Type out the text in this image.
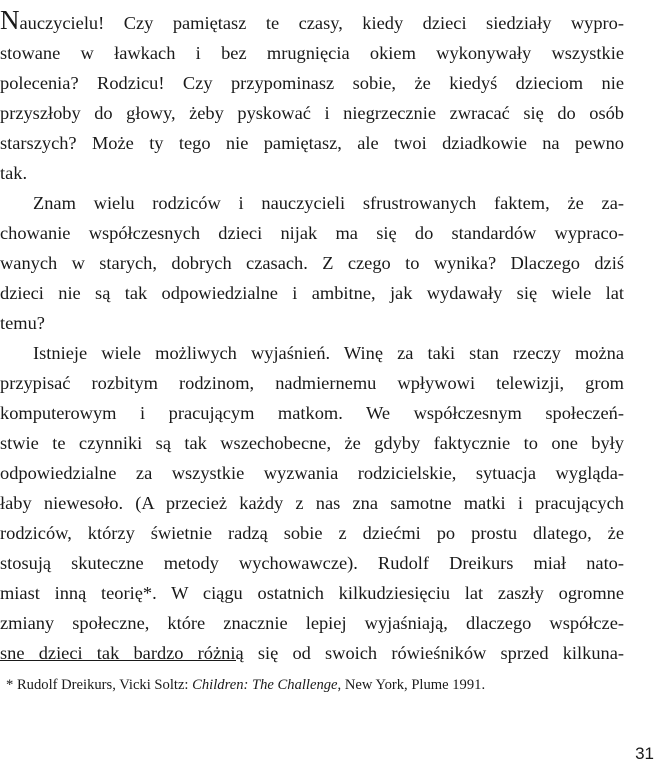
Nauczycielu! Czy pamiętasz te czasy, kiedy dzieci siedziały wypro-
stowane w ławkach i bez mrugnięcia okiem wykonywały wszystkie
polecenia? Rodzicu! Czy przypominasz sobie, że kiedyś dzieciom nie
przyszłoby do głowy, żeby pyskować i niegrzecznie zwracać się do osób
starszych? Może ty tego nie pamiętasz, ale twoi dziadkowie na pewno
tak.
Znam wielu rodziców i nauczycieli sfrustrowanych faktem, że za-
chowanie współczesnych dzieci nijak ma się do standardów wypraco-
wanych w starych, dobrych czasach. Z czego to wynika? Dlaczego dziś
dzieci nie są tak odpowiedzialne i ambitne, jak wydawały się wiele lat
temu?
Istnieje wiele możliwych wyjaśnień. Winę za taki stan rzeczy można
przypisać rozbitym rodzinom, nadmiernemu wpływowi telewizji, grom
komputerowym i pracującym matkom. We współczesnym społeczeń-
stwie te czynniki są tak wszechobecne, że gdyby faktycznie to one były
odpowiedzialne za wszystkie wyzwania rodzicielskie, sytuacja wygląda-
łaby niewesoło. (A przecież każdy z nas zna samotne matki i pracujących
rodziców, którzy świetnie radzą sobie z dziećmi po prostu dlatego, że
stosują skuteczne metody wychowawcze). Rudolf Dreikurs miał nato-
miast inną teorię*. W ciągu ostatnich kilkudziesięciu lat zaszły ogromne
zmiany społeczne, które znacznie lepiej wyjaśniają, dlaczego współcze-
sne dzieci tak bardzo różnią się od swoich rówieśników sprzed kilkuna-
* Rudolf Dreikurs, Vicki Soltz: Children: The Challenge, New York, Plume 1991.
31
